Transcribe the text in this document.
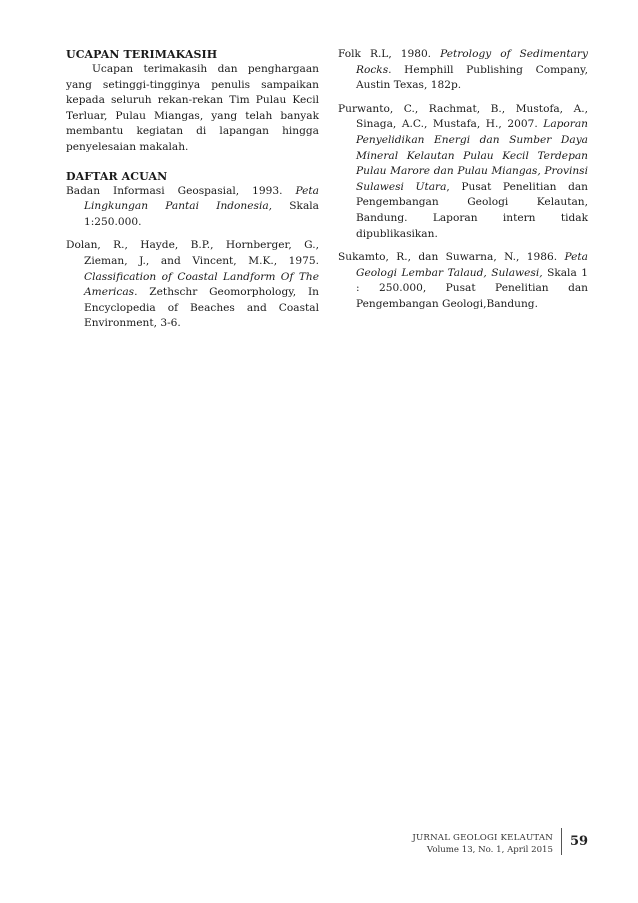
UCAPAN TERIMAKASIH

Ucapan terimakasih dan penghargaan yang setinggi-tingginya penulis sampaikan kepada seluruh rekan-rekan Tim Pulau Kecil Terluar, Pulau Miangas, yang telah banyak membantu kegiatan di lapangan hingga penyelesaian makalah.

DAFTAR ACUAN

Badan Informasi Geospasial, 1993. Peta Lingkungan Pantai Indonesia, Skala 1:250.000.

Dolan, R., Hayde, B.P., Hornberger, G., Zieman, J., and Vincent, M.K., 1975. Classification of Coastal Landform Of The Americas. Zethschr Geomorphology, In Encyclopedia of Beaches and Coastal Environment, 3-6.

Folk R.L, 1980. Petrology of Sedimentary Rocks. Hemphill Publishing Company, Austin Texas, 182p.

Purwanto, C., Rachmat, B., Mustofa, A., Sinaga, A.C., Mustafa, H., 2007. Laporan Penyelidikan Energi dan Sumber Daya Mineral Kelautan Pulau Kecil Terdepan Pulau Marore dan Pulau Miangas, Provinsi Sulawesi Utara, Pusat Penelitian dan Pengembangan Geologi Kelautan, Bandung. Laporan intern tidak dipublikasikan.

Sukamto, R., dan Suwarna, N., 1986. Peta Geologi Lembar Talaud, Sulawesi, Skala 1 : 250.000, Pusat Penelitian dan Pengembangan Geologi,Bandung.

JURNAL GEOLOGI KELAUTAN
Volume 13, No. 1, April 2015
59
